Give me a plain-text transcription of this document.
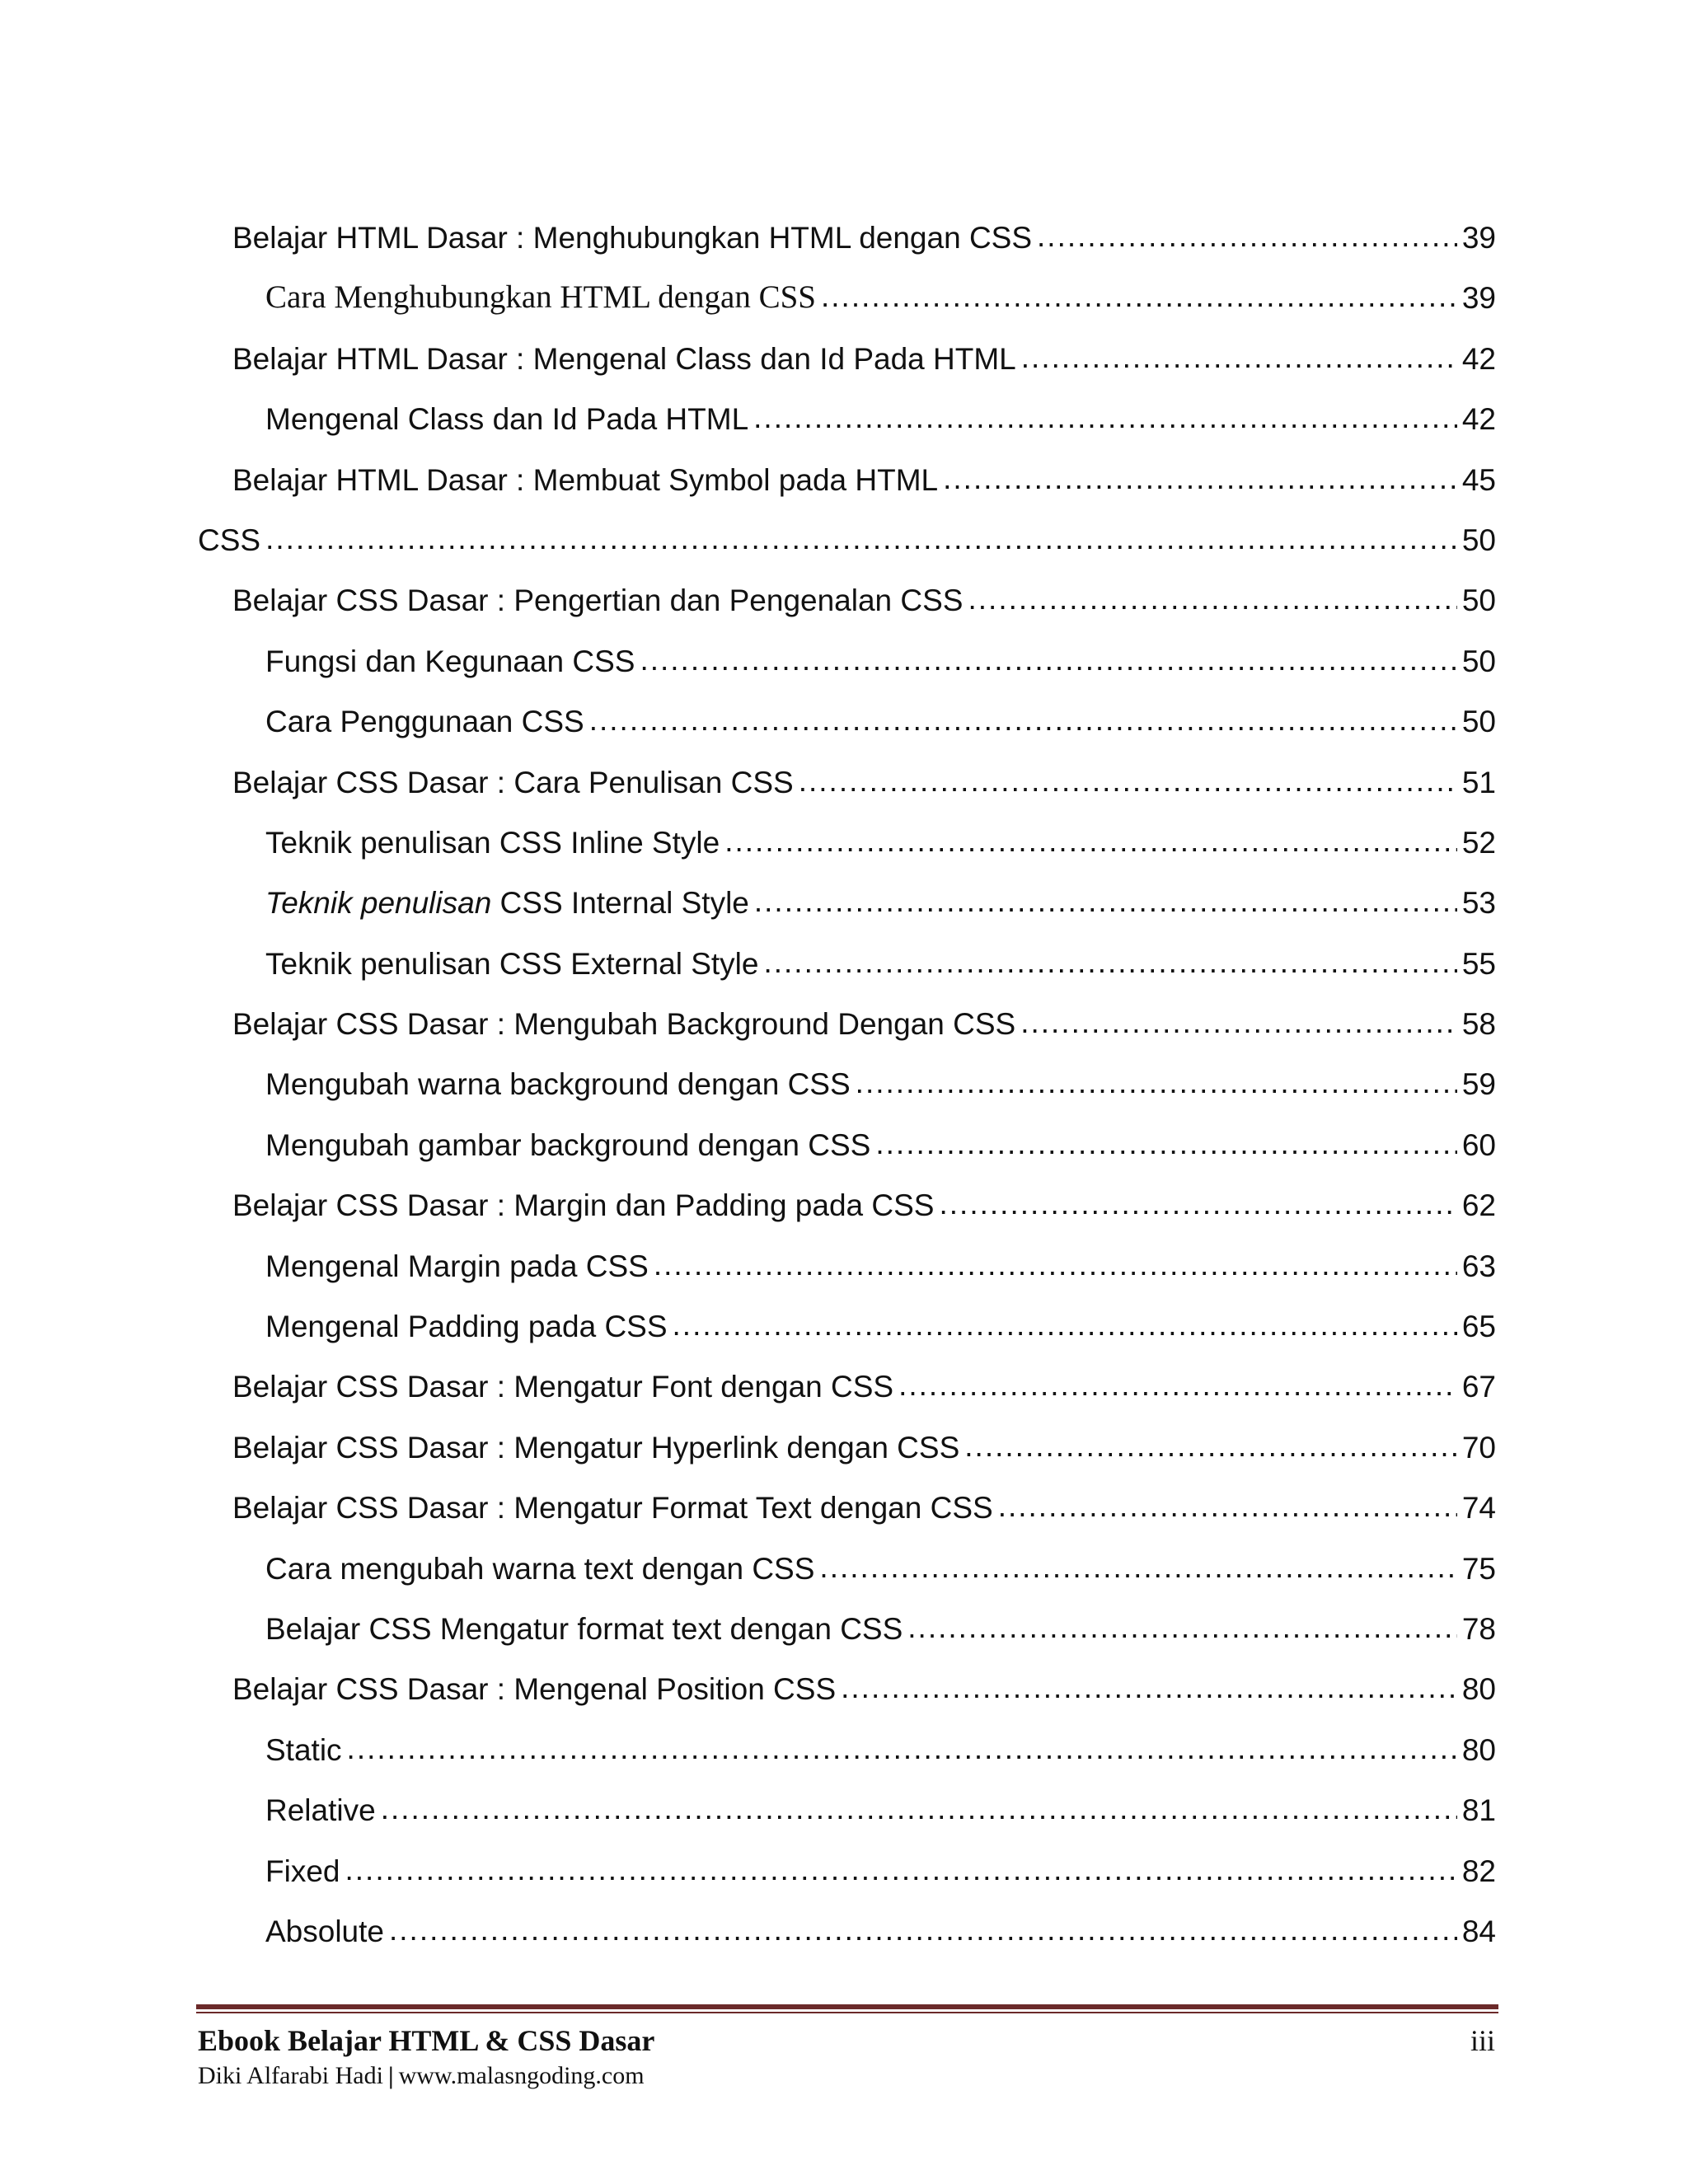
Belajar HTML Dasar : Menghubungkan HTML dengan CSS .....	39
Cara Menghubungkan HTML dengan CSS .....	39
Belajar HTML Dasar : Mengenal Class dan Id Pada HTML .....	42
Mengenal Class dan Id Pada HTML .....	42
Belajar HTML Dasar : Membuat Symbol pada HTML .....	45
CSS .....	50
Belajar CSS Dasar : Pengertian dan Pengenalan CSS .....	50
Fungsi dan Kegunaan CSS .....	50
Cara Penggunaan CSS .....	50
Belajar CSS Dasar : Cara Penulisan CSS .....	51
Teknik penulisan CSS Inline Style .....	52
Teknik penulisan CSS Internal Style .....	53
Teknik penulisan CSS External Style .....	55
Belajar CSS Dasar : Mengubah Background Dengan CSS .....	58
Mengubah warna background dengan CSS .....	59
Mengubah gambar background dengan CSS .....	60
Belajar CSS Dasar : Margin dan Padding pada CSS .....	62
Mengenal Margin pada CSS .....	63
Mengenal Padding pada CSS .....	65
Belajar CSS Dasar : Mengatur Font dengan CSS .....	67
Belajar CSS Dasar : Mengatur Hyperlink dengan CSS .....	70
Belajar CSS Dasar : Mengatur Format Text dengan CSS .....	74
Cara mengubah warna text dengan CSS .....	75
Belajar CSS Mengatur format text dengan CSS .....	78
Belajar CSS Dasar : Mengenal Position CSS .....	80
Static .....	80
Relative .....	81
Fixed .....	82
Absolute .....	84
Ebook Belajar HTML & CSS Dasar	iii
Diki Alfarabi Hadi | www.malasngoding.com
